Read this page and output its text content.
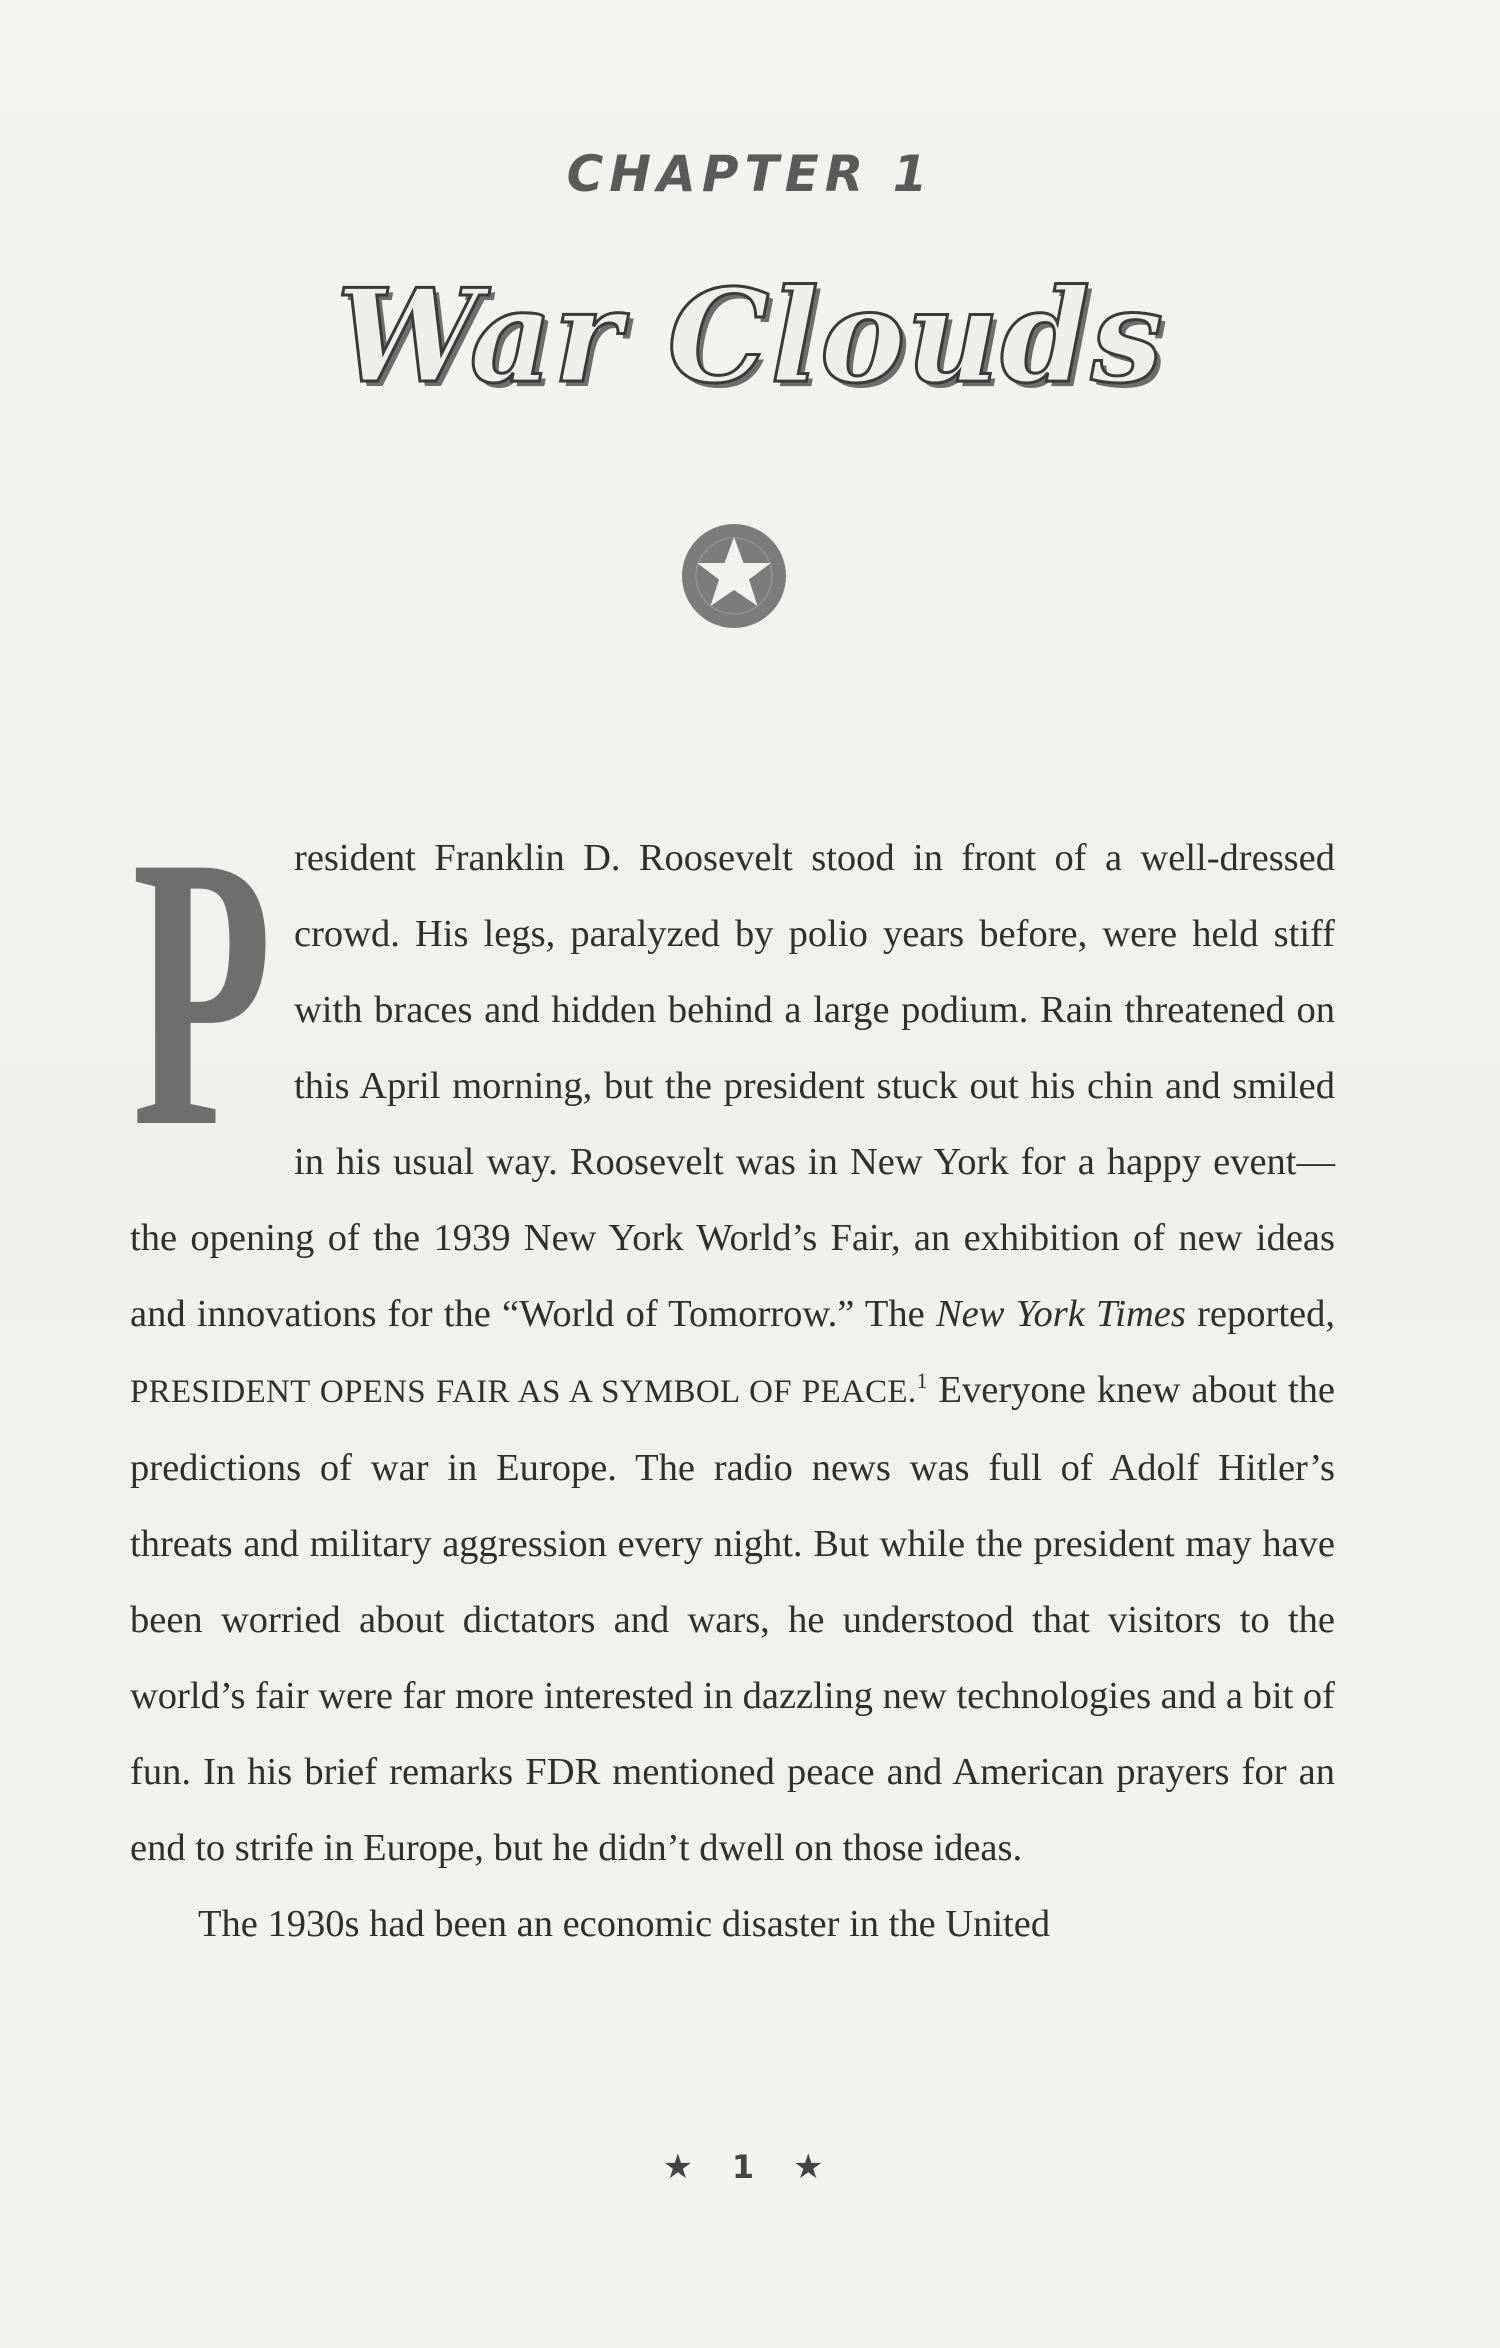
CHAPTER 1
War Clouds

P resident Franklin D. Roosevelt stood in front of a well-dressed crowd. His legs, paralyzed by polio years before, were held stiff with braces and hidden behind a large podium. Rain threatened on this April morning, but the president stuck out his chin and smiled in his usual way. Roosevelt was in New York for a happy event—the opening of the 1939 New York World’s Fair, an exhibition of new ideas and innovations for the “World of Tomorrow.” The New York Times reported, PRESIDENT OPENS FAIR AS A SYMBOL OF PEACE.$^1$ Everyone knew about the predictions of war in Europe. The radio news was full of Adolf Hitler’s threats and military aggression every night. But while the president may have been worried about dictators and wars, he understood that visitors to the world’s fair were far more interested in dazzling new technologies and a bit of fun. In his brief remarks FDR mentioned peace and American prayers for an end to strife in Europe, but he didn’t dwell on those ideas.

The 1930s had been an economic disaster in the United

★ 1 ★
